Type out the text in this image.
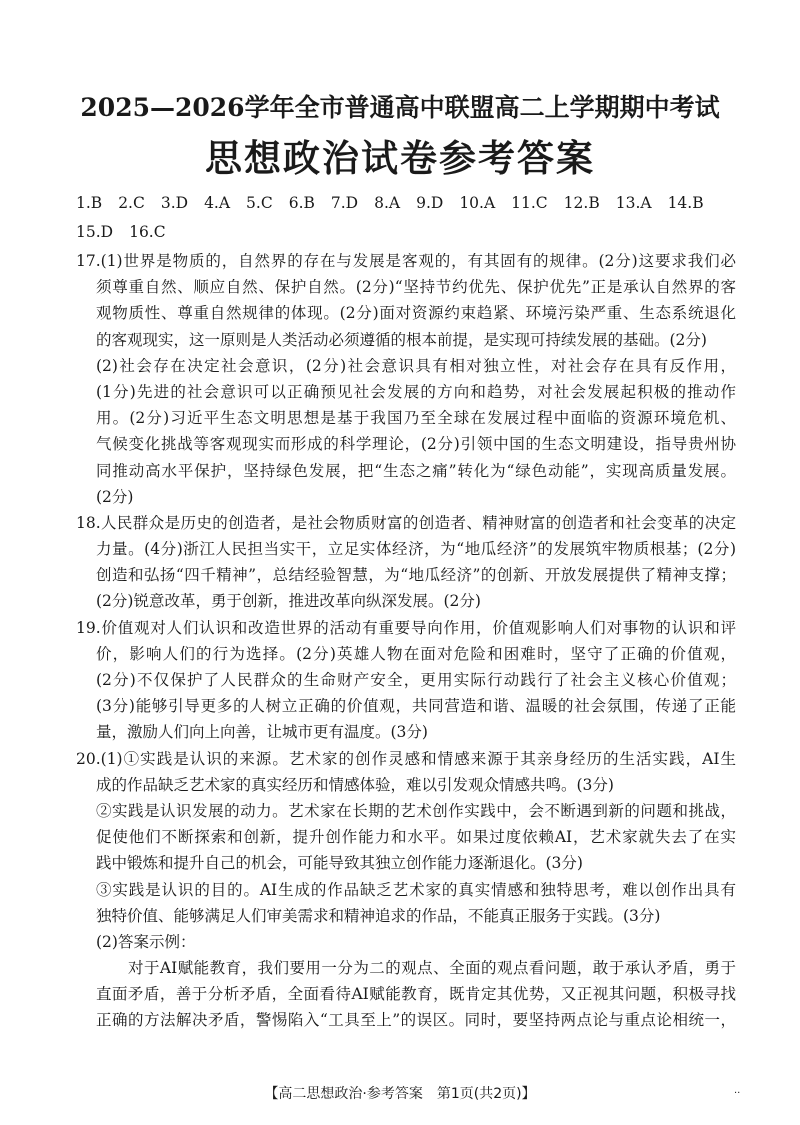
2025—2026学年全市普通高中联盟高二上学期期中考试
思想政治试卷参考答案
1.B 2.C 3.D 4.A 5.C 6.B 7.D 8.A 9.D 10.A 11.C 12.B 13.A 14.B
15.D 16.C
17.(1)世界是物质的，自然界的存在与发展是客观的，有其固有的规律。(2分)这要求我们必
须尊重自然、顺应自然、保护自然。(2分)“坚持节约优先、保护优先”正是承认自然界的客
观物质性、尊重自然规律的体现。(2分)面对资源约束趋紧、环境污染严重、生态系统退化
的客观现实，这一原则是人类活动必须遵循的根本前提，是实现可持续发展的基础。(2分)
(2)社会存在决定社会意识，(2分)社会意识具有相对独立性，对社会存在具有反作用，
(1分)先进的社会意识可以正确预见社会发展的方向和趋势，对社会发展起积极的推动作
用。(2分)习近平生态文明思想是基于我国乃至全球在发展过程中面临的资源环境危机、
气候变化挑战等客观现实而形成的科学理论，(2分)引领中国的生态文明建设，指导贵州协
同推动高水平保护，坚持绿色发展，把“生态之痛”转化为“绿色动能”，实现高质量发展。
(2分)
18.人民群众是历史的创造者，是社会物质财富的创造者、精神财富的创造者和社会变革的决定
力量。(4分)浙江人民担当实干，立足实体经济，为“地瓜经济”的发展筑牢物质根基；(2分)
创造和弘扬“四千精神”，总结经验智慧，为“地瓜经济”的创新、开放发展提供了精神支撑；
(2分)锐意改革，勇于创新，推进改革向纵深发展。(2分)
19.价值观对人们认识和改造世界的活动有重要导向作用，价值观影响人们对事物的认识和评
价，影响人们的行为选择。(2分)英雄人物在面对危险和困难时，坚守了正确的价值观，
(2分)不仅保护了人民群众的生命财产安全，更用实际行动践行了社会主义核心价值观；
(3分)能够引导更多的人树立正确的价值观，共同营造和谐、温暖的社会氛围，传递了正能
量，激励人们向上向善，让城市更有温度。(3分)
20.(1)①实践是认识的来源。艺术家的创作灵感和情感来源于其亲身经历的生活实践，AI生
成的作品缺乏艺术家的真实经历和情感体验，难以引发观众情感共鸣。(3分)
②实践是认识发展的动力。艺术家在长期的艺术创作实践中，会不断遇到新的问题和挑战，
促使他们不断探索和创新，提升创作能力和水平。如果过度依赖AI，艺术家就失去了在实
践中锻炼和提升自己的机会，可能导致其独立创作能力逐渐退化。(3分)
③实践是认识的目的。AI生成的作品缺乏艺术家的真实情感和独特思考，难以创作出具有
独特价值、能够满足人们审美需求和精神追求的作品，不能真正服务于实践。(3分)
(2)答案示例：
对于AI赋能教育，我们要用一分为二的观点、全面的观点看问题，敢于承认矛盾，勇于
直面矛盾，善于分析矛盾，全面看待AI赋能教育，既肯定其优势，又正视其问题，积极寻找
正确的方法解决矛盾，警惕陷入“工具至上”的误区。同时，要坚持两点论与重点论相统一，
【高二思想政治·参考答案　第1页(共2页)】	··
